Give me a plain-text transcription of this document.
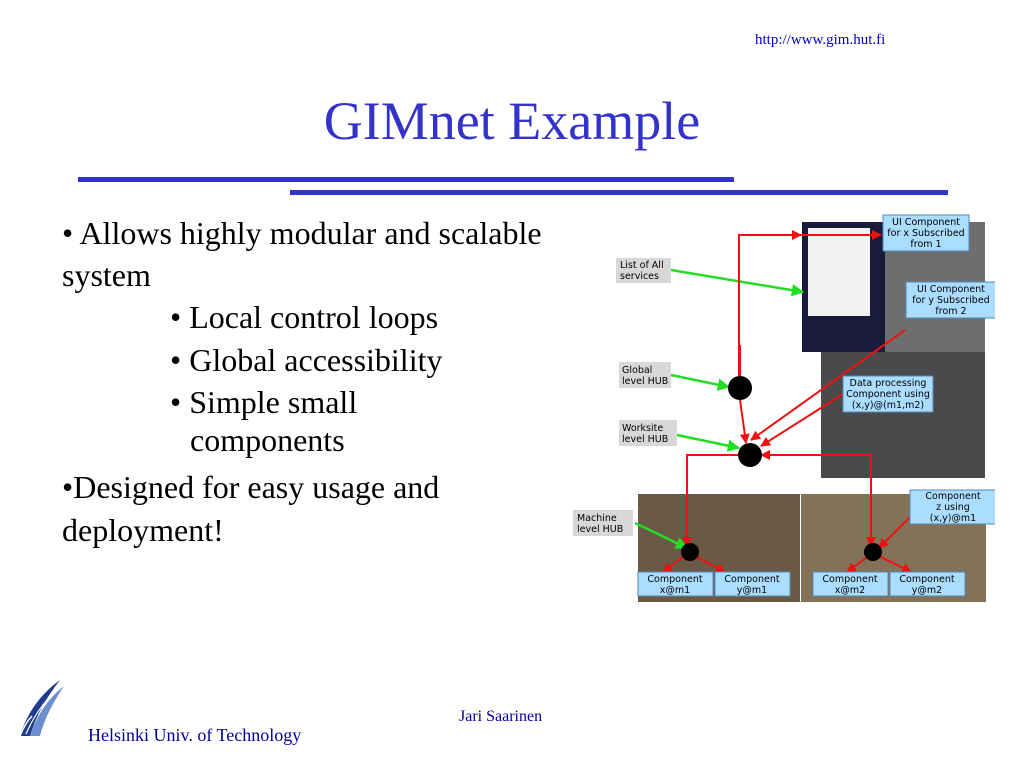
http://www.gim.hut.fi
GIMnet Example

• Allows highly modular and scalable system

• Local control loops

• Global accessibility

• Simple small
components

•Designed for easy usage and deployment!

List of All
services
Global
level HUB
Worksite
level HUB
Machine
level HUB
UI Component
for x Subscribed
from 1
UI Component
for y Subscribed
from 2
Data processing
Component using
(x,y)@(m1,m2)
Component
z using
(x,y)@m1
Component
x@m1
Component
y@m1
Component
x@m2
Component
y@m2
Helsinki Univ. of Technology
Jari Saarinen
